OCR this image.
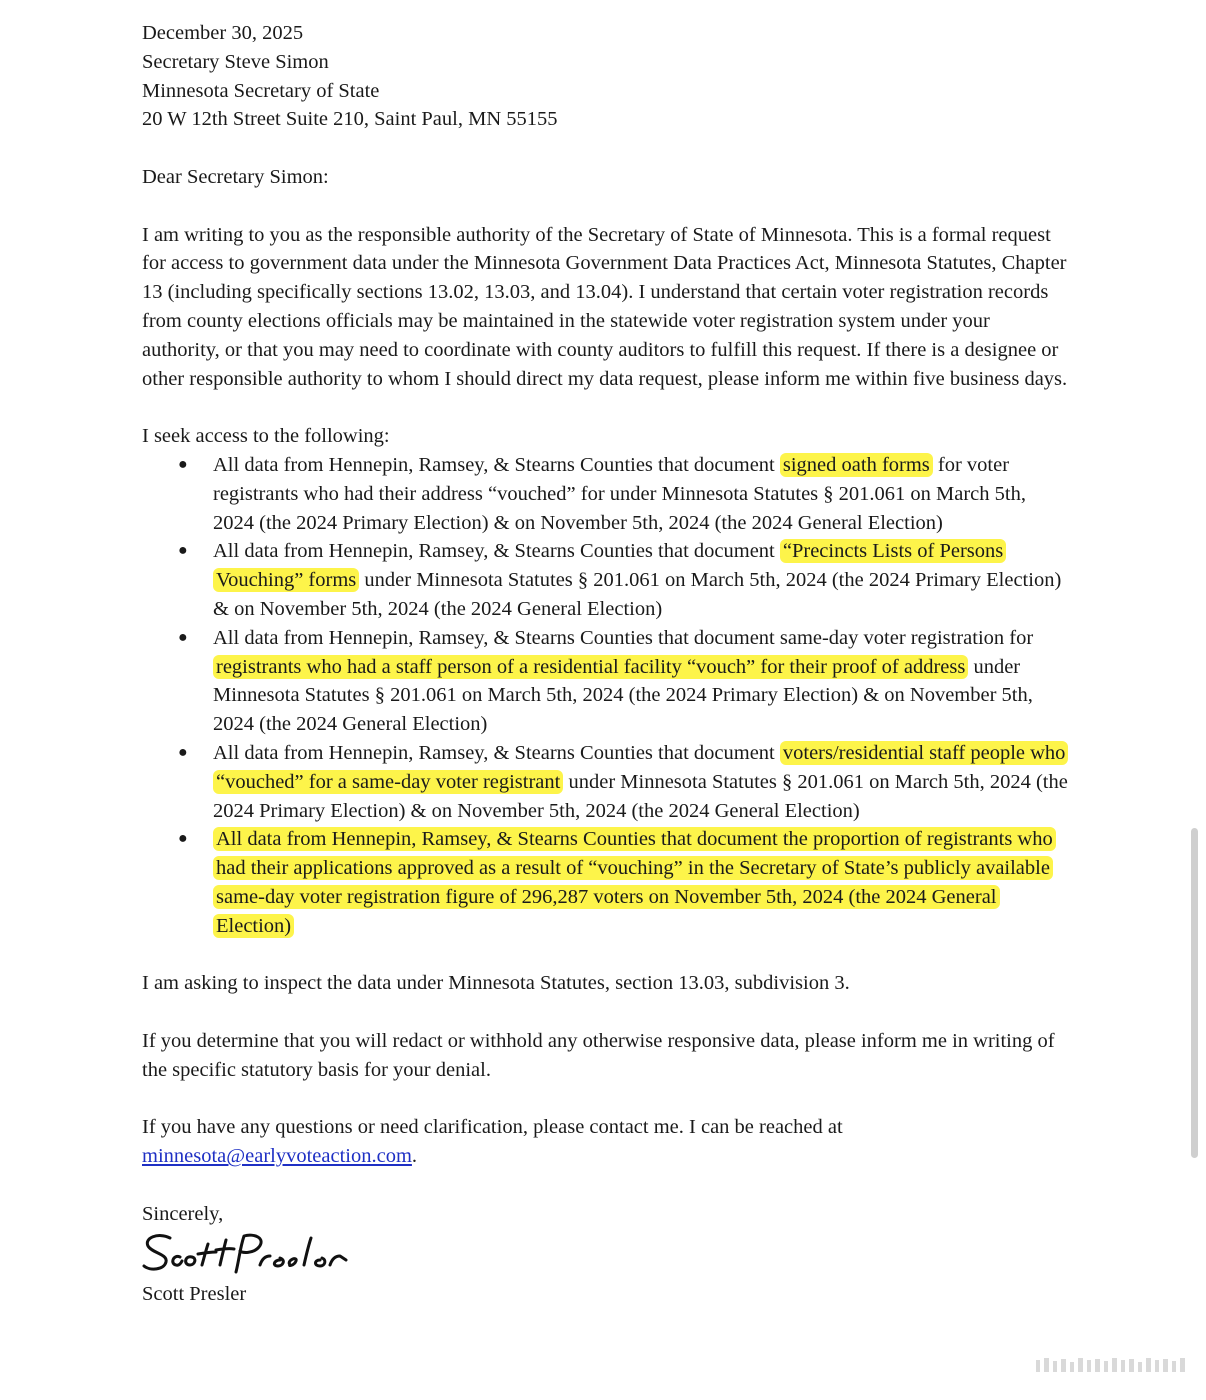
December 30, 2025

Secretary Steve Simon

Minnesota Secretary of State

20 W 12th Street Suite 210, Saint Paul, MN 55155

Dear Secretary Simon:

I am writing to you as the responsible authority of the Secretary of State of Minnesota. This is a formal request for access to government data under the Minnesota Government Data Practices Act, Minnesota Statutes, Chapter 13 (including specifically sections 13.02, 13.03, and 13.04). I understand that certain voter registration records from county elections officials may be maintained in the statewide voter registration system under your authority, or that you may need to coordinate with county auditors to fulfill this request. If there is a designee or other responsible authority to whom I should direct my data request, please inform me within five business days.

I seek access to the following:

● All data from Hennepin, Ramsey, & Stearns Counties that document signed oath forms for voter registrants who had their address “vouched” for under Minnesota Statutes § 201.061 on March 5th, 2024 (the 2024 Primary Election) & on November 5th, 2024 (the 2024 General Election)
● All data from Hennepin, Ramsey, & Stearns Counties that document “Precincts Lists of Persons Vouching” forms under Minnesota Statutes § 201.061 on March 5th, 2024 (the 2024 Primary Election) & on November 5th, 2024 (the 2024 General Election)
● All data from Hennepin, Ramsey, & Stearns Counties that document same-day voter registration for registrants who had a staff person of a residential facility “vouch” for their proof of address under Minnesota Statutes § 201.061 on March 5th, 2024 (the 2024 Primary Election) & on November 5th, 2024 (the 2024 General Election)
● All data from Hennepin, Ramsey, & Stearns Counties that document voters/residential staff people who “vouched” for a same-day voter registrant under Minnesota Statutes § 201.061 on March 5th, 2024 (the 2024 Primary Election) & on November 5th, 2024 (the 2024 General Election)
● All data from Hennepin, Ramsey, & Stearns Counties that document the proportion of registrants who had their applications approved as a result of “vouching” in the Secretary of State’s publicly available same-day voter registration figure of 296,287 voters on November 5th, 2024 (the 2024 General Election)

I am asking to inspect the data under Minnesota Statutes, section 13.03, subdivision 3.

If you determine that you will redact or withhold any otherwise responsive data, please inform me in writing of the specific statutory basis for your denial.

If you have any questions or need clarification, please contact me. I can be reached at minnesota@earlyvoteaction.com.

Sincerely,

Scott Presler
